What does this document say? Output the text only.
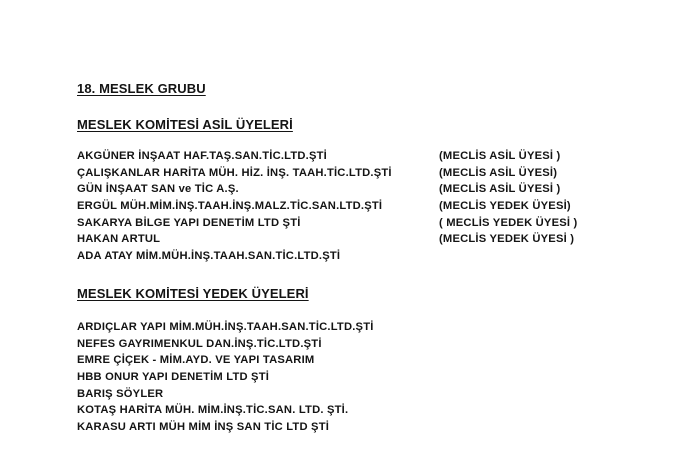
18. MESLEK GRUBU
MESLEK KOMİTESİ ASİL ÜYELERİ
AKGÜNER İNŞAAT HAF.TAŞ.SAN.TİC.LTD.ŞTİ
ÇALIŞKANLAR HARİTA MÜH. HİZ. İNŞ. TAAH.TİC.LTD.ŞTİ
GÜN İNŞAAT SAN ve TİC A.Ş.
ERGÜL MÜH.MİM.İNŞ.TAAH.İNŞ.MALZ.TİC.SAN.LTD.ŞTİ
SAKARYA BİLGE YAPI DENETİM LTD ŞTİ
HAKAN ARTUL
ADA ATAY MİM.MÜH.İNŞ.TAAH.SAN.TİC.LTD.ŞTİ
(MECLİS ASİL ÜYESİ )
(MECLİS ASİL ÜYESİ)
(MECLİS ASİL ÜYESİ )
(MECLİS YEDEK ÜYESİ)
( MECLİS YEDEK ÜYESİ )
(MECLİS YEDEK ÜYESİ )
MESLEK KOMİTESİ YEDEK ÜYELERİ
ARDIÇLAR YAPI MİM.MÜH.İNŞ.TAAH.SAN.TİC.LTD.ŞTİ
NEFES GAYRIMENKUL DAN.İNŞ.TİC.LTD.ŞTİ
EMRE ÇİÇEK - MİM.AYD. VE YAPI TASARIM
HBB ONUR YAPI DENETİM LTD ŞTİ
BARIŞ SÖYLER
KOTAŞ HARİTA MÜH. MİM.İNŞ.TİC.SAN. LTD. ŞTİ.
KARASU ARTI MÜH MİM İNŞ SAN TİC LTD ŞTİ
